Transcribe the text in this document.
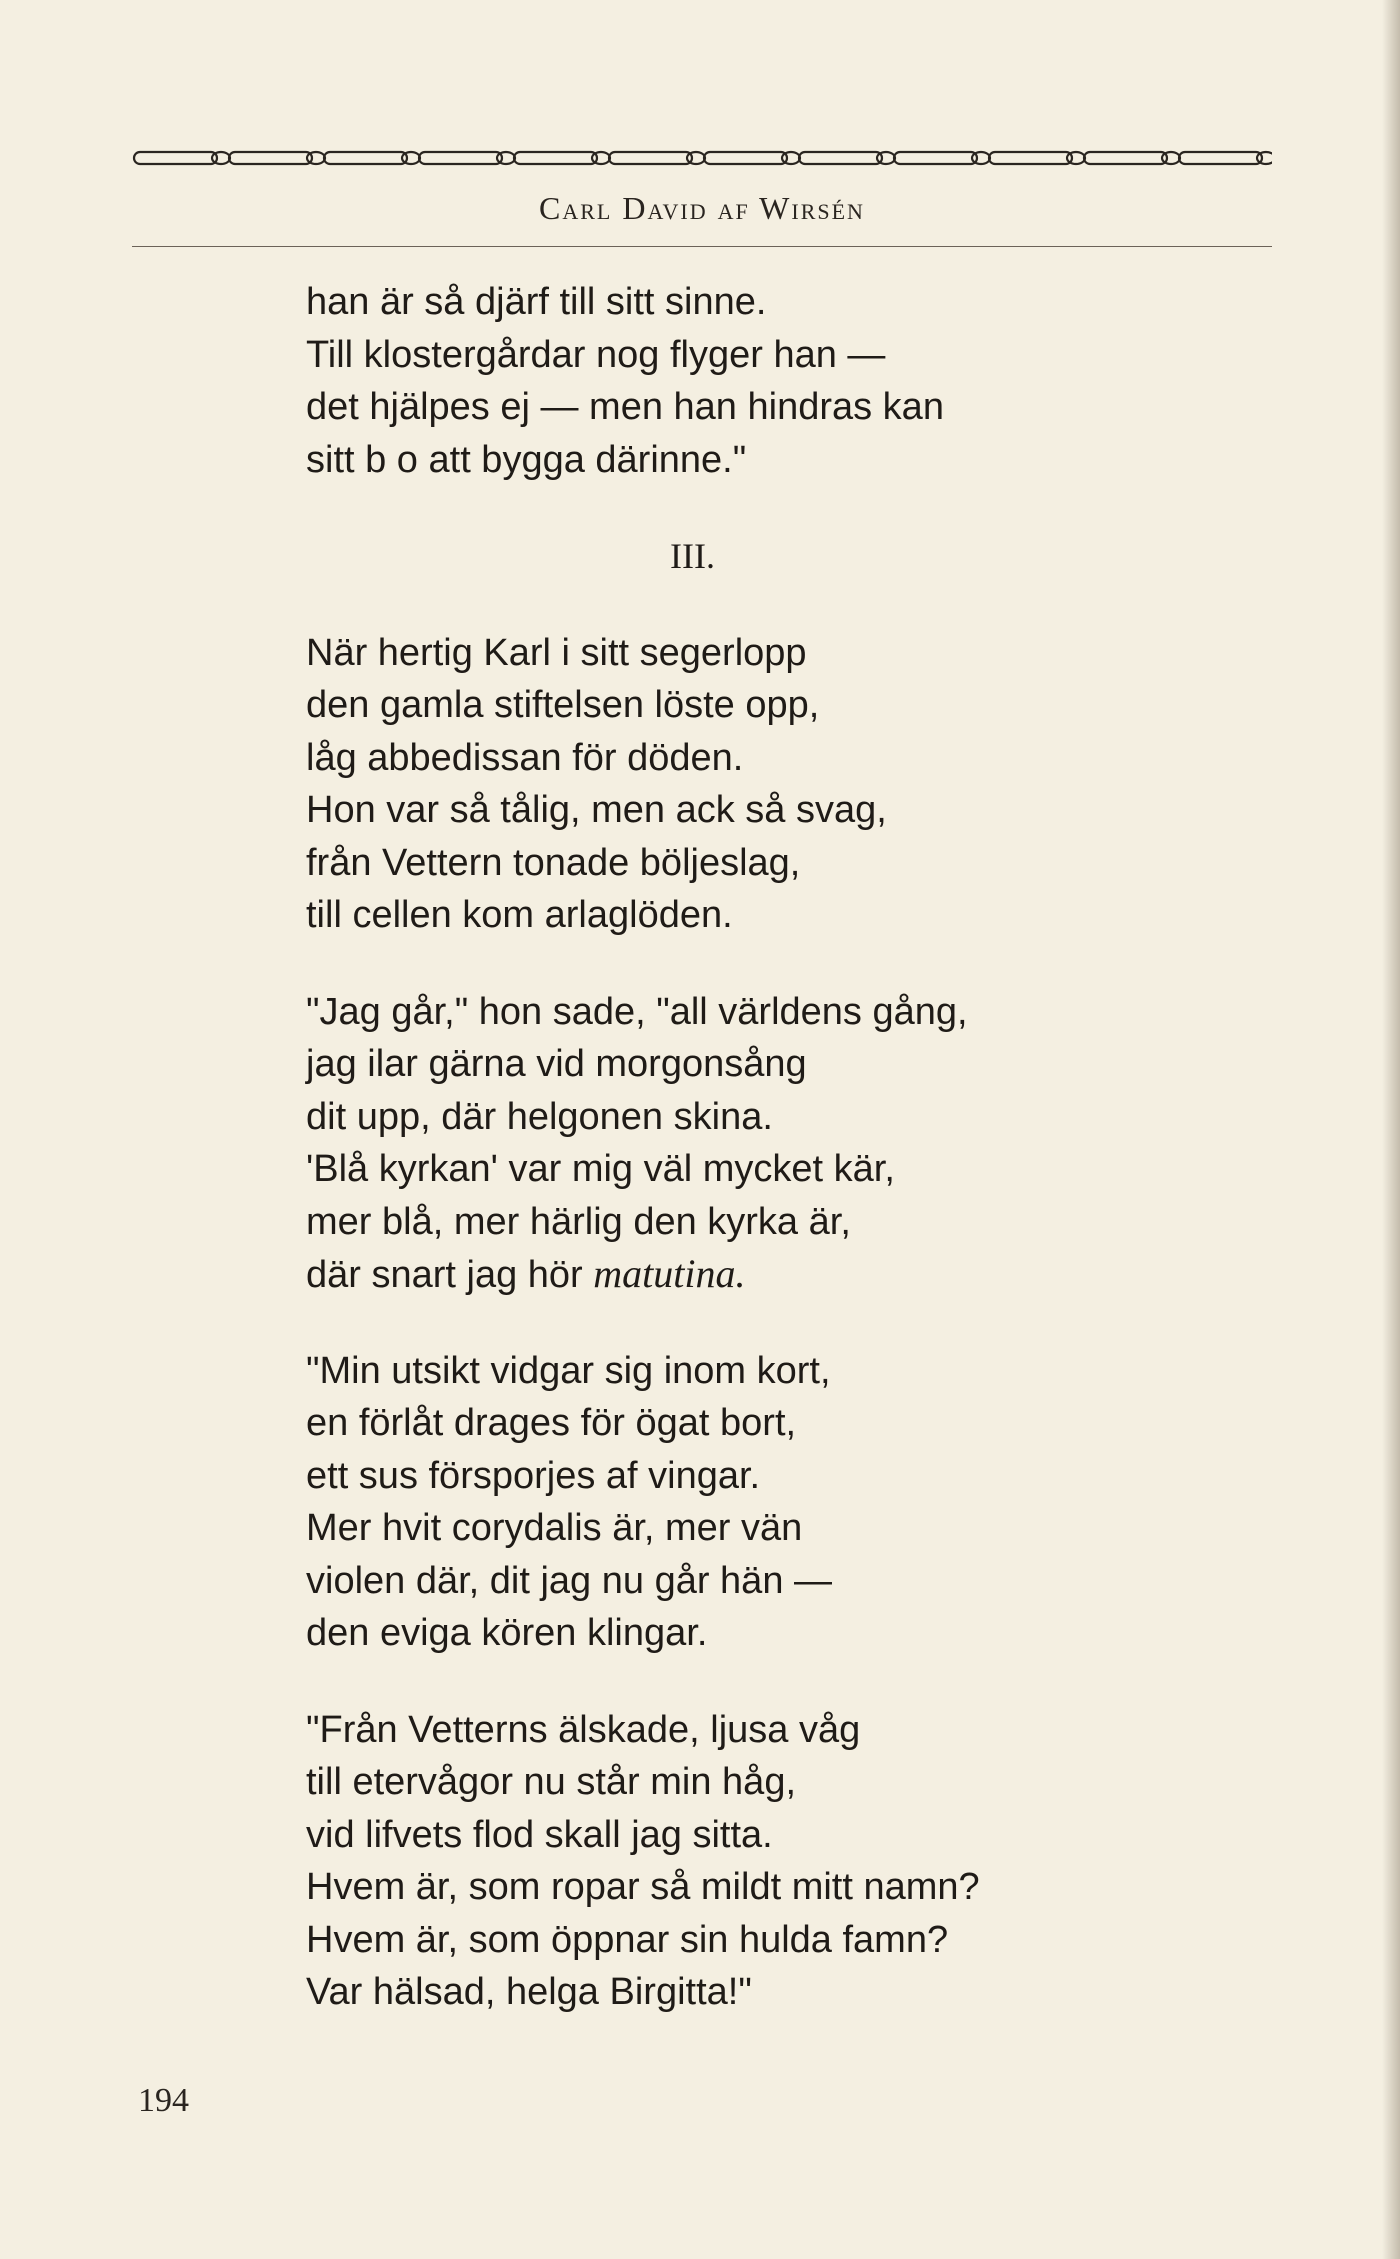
Carl David af Wirsén
han är så djärf till sitt sinne.
Till klostergårdar nog flyger han —
det hjälpes ej — men han hindras kan
sitt b o att bygga därinne."
III.
När hertig Karl i sitt segerlopp
den gamla stiftelsen löste opp,
låg abbedissan för döden.
Hon var så tålig, men ack så svag,
från Vettern tonade böljeslag,
till cellen kom arlaglöden.
"Jag går," hon sade, "all världens gång,
jag ilar gärna vid morgonsång
dit upp, där helgonen skina.
'Blå kyrkan' var mig väl mycket kär,
mer blå, mer härlig den kyrka är,
där snart jag hör matutina.
"Min utsikt vidgar sig inom kort,
en förlåt drages för ögat bort,
ett sus försporjes af vingar.
Mer hvit corydalis är, mer vän
violen där, dit jag nu går hän —
den eviga kören klingar.
"Från Vetterns älskade, ljusa våg
till etervågor nu står min håg,
vid lifvets flod skall jag sitta.
Hvem är, som ropar så mildt mitt namn?
Hvem är, som öppnar sin hulda famn?
Var hälsad, helga Birgitta!"
194
